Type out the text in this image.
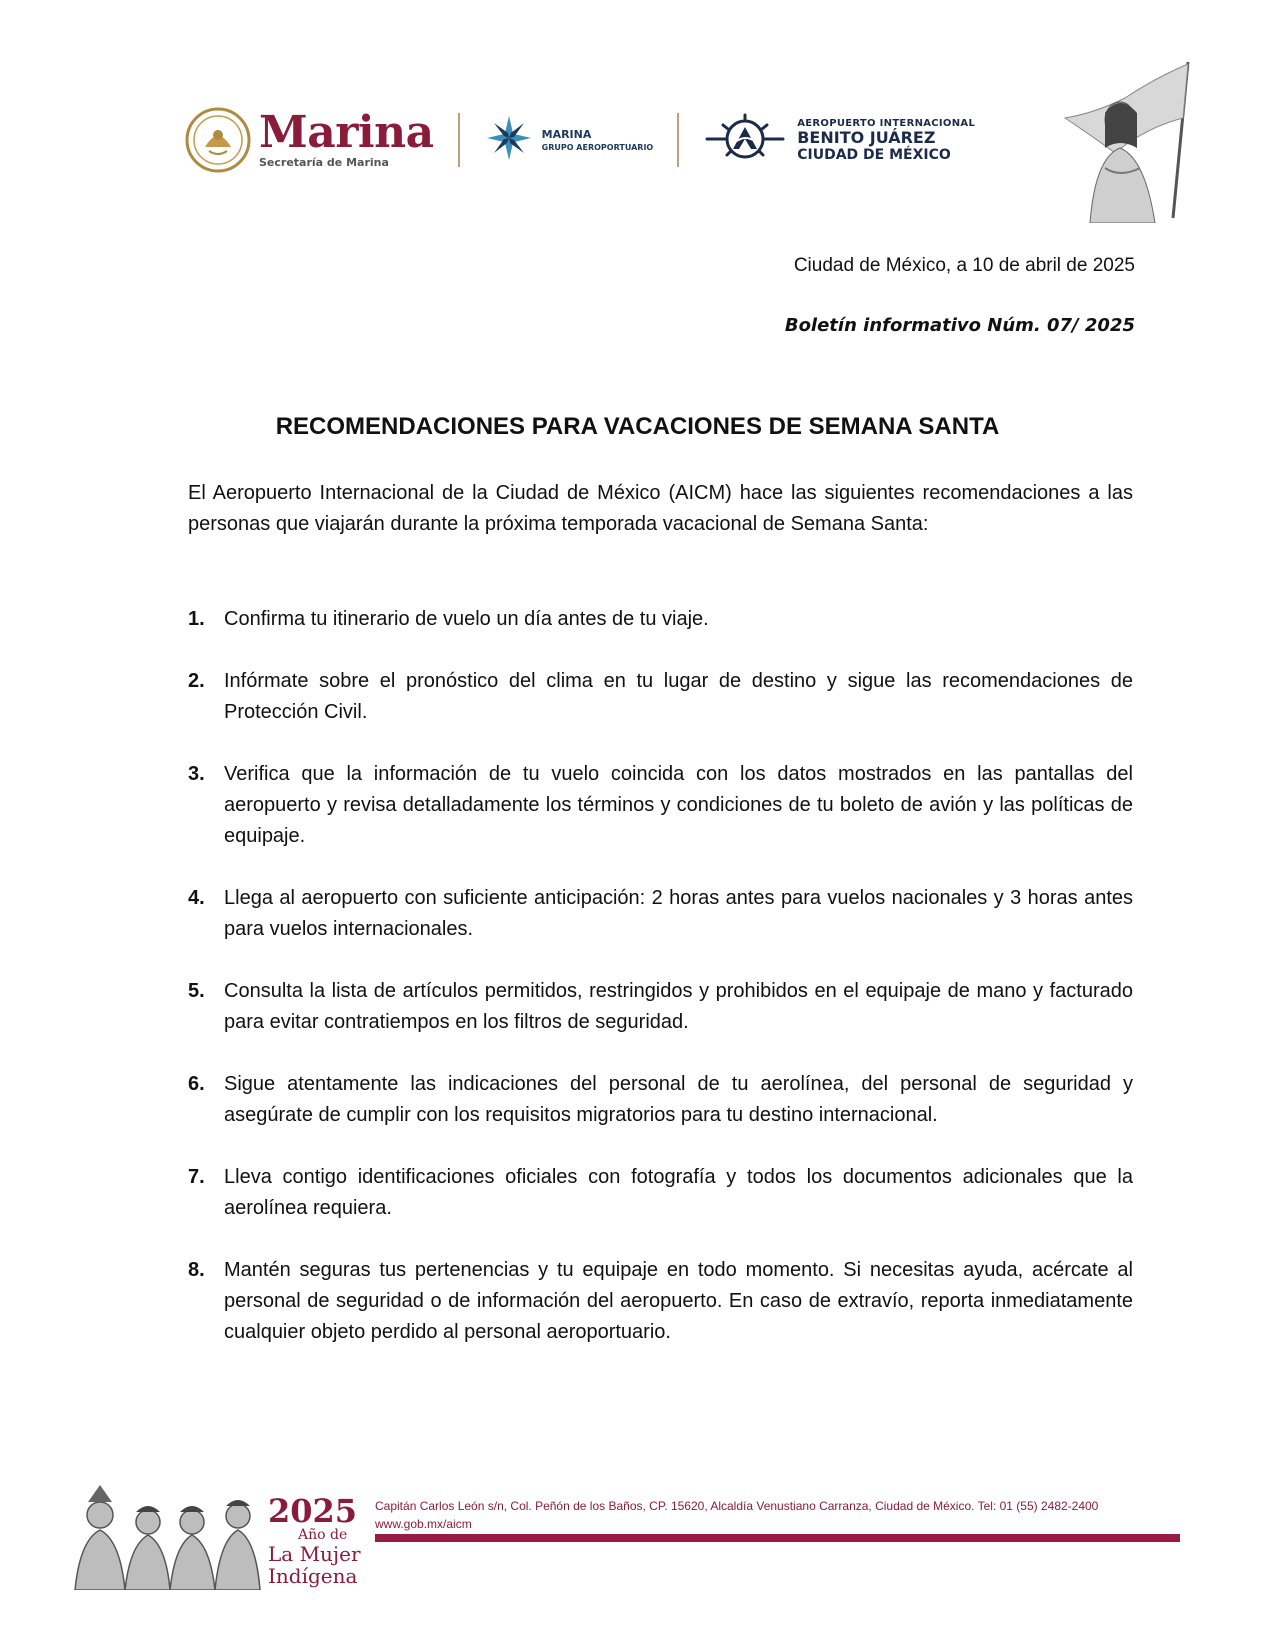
Marina
Secretaría de Marina
MARINA
GRUPO AEROPORTUARIO
AEROPUERTO INTERNACIONAL
BENITO JUÁREZ
CIUDAD DE MÉXICO
Ciudad de México, a 10 de abril de 2025
Boletín informativo Núm. 07/ 2025
RECOMENDACIONES PARA VACACIONES DE SEMANA SANTA
El Aeropuerto Internacional de la Ciudad de México (AICM) hace las siguientes recomendaciones a las personas que viajarán durante la próxima temporada vacacional de Semana Santa:
1. Confirma tu itinerario de vuelo un día antes de tu viaje.
2. Infórmate sobre el pronóstico del clima en tu lugar de destino y sigue las recomendaciones de Protección Civil.
3. Verifica que la información de tu vuelo coincida con los datos mostrados en las pantallas del aeropuerto y revisa detalladamente los términos y condiciones de tu boleto de avión y las políticas de equipaje.
4. Llega al aeropuerto con suficiente anticipación: 2 horas antes para vuelos nacionales y 3 horas antes para vuelos internacionales.
5. Consulta la lista de artículos permitidos, restringidos y prohibidos en el equipaje de mano y facturado para evitar contratiempos en los filtros de seguridad.
6. Sigue atentamente las indicaciones del personal de tu aerolínea, del personal de seguridad y asegúrate de cumplir con los requisitos migratorios para tu destino internacional.
7. Lleva contigo identificaciones oficiales con fotografía y todos los documentos adicionales que la aerolínea requiera.
8. Mantén seguras tus pertenencias y tu equipaje en todo momento. Si necesitas ayuda, acércate al personal de seguridad o de información del aeropuerto. En caso de extravío, reporta inmediatamente cualquier objeto perdido al personal aeroportuario.
2025
Año de
La Mujer
Indígena
Capitán Carlos León s/n, Col. Peñón de los Baños, CP. 15620, Alcaldía Venustiano Carranza, Ciudad de México. Tel: 01 (55) 2482-2400
www.gob.mx/aicm
